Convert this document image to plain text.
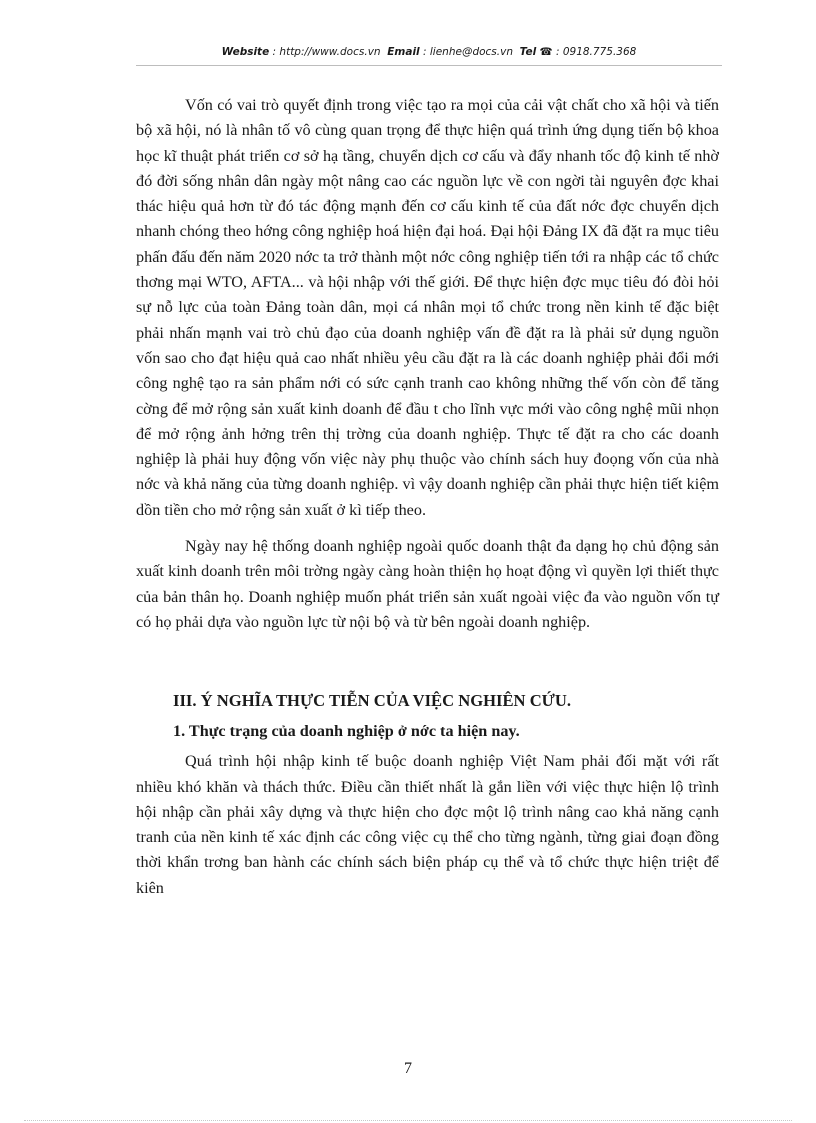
Website : http://www.docs.vn Email : lienhe@docs.vn Tel ☎ : 0918.775.368

Vốn có vai trò quyết định trong việc tạo ra mọi của cải vật chất cho xã hội và tiến bộ xã hội, nó là nhân tố vô cùng quan trọng để thực hiện quá trình ứng dụng tiến bộ khoa học kĩ thuật phát triển cơ sở hạ tầng, chuyển dịch cơ cấu và đẩy nhanh tốc độ kinh tế nhờ đó đời sống nhân dân ngày một nâng cao các nguồn lực về con ngời tài nguyên đợc khai thác hiệu quả hơn từ đó tác động mạnh đến cơ cấu kinh tế của đất nớc đợc chuyển dịch nhanh chóng theo hớng công nghiệp hoá hiện đại hoá. Đại hội Đảng IX đã đặt ra mục tiêu phấn đấu đến năm 2020 nớc ta trở thành một nớc công nghiệp tiến tới ra nhập các tổ chức thơng mại WTO, AFTA... và hội nhập với thế giới. Để thực hiện đợc mục tiêu đó đòi hỏi sự nỗ lực của toàn Đảng toàn dân, mọi cá nhân mọi tổ chức trong nền kinh tế đặc biệt phải nhấn mạnh vai trò chủ đạo của doanh nghiệp vấn đề đặt ra là phải sử dụng nguồn vốn sao cho đạt hiệu quả cao nhất nhiều yêu cầu đặt ra là các doanh nghiệp phải đổi mới công nghệ tạo ra sản phẩm nới có sức cạnh tranh cao không những thế vốn còn để tăng cờng để mở rộng sản xuất kinh doanh để đầu t cho lĩnh vực mới vào công nghệ mũi nhọn để mở rộng ảnh hởng trên thị trờng của doanh nghiệp. Thực tế đặt ra cho các doanh nghiệp là phải huy động vốn việc này phụ thuộc vào chính sách huy đoọng vốn của nhà nớc và khả năng của từng doanh nghiệp. vì vậy doanh nghiệp cần phải thực hiện tiết kiệm dồn tiền cho mở rộng sản xuất ở kì tiếp theo.

Ngày nay hệ thống doanh nghiệp ngoài quốc doanh thật đa dạng họ chủ động sản xuất kinh doanh trên môi trờng ngày càng hoàn thiện họ hoạt động vì quyền lợi thiết thực của bản thân họ. Doanh nghiệp muốn phát triển sản xuất ngoài việc đa vào nguồn vốn tự có họ phải dựa vào nguồn lực từ nội bộ và từ bên ngoài doanh nghiệp.

III. Ý NGHĨA THỰC TIỄN CỦA VIỆC NGHIÊN CỨU.
1. Thực trạng của doanh nghiệp ở nớc ta hiện nay.

Quá trình hội nhập kinh tế buộc doanh nghiệp Việt Nam phải đối mặt với rất nhiều khó khăn và thách thức. Điều cần thiết nhất là gắn liền với việc thực hiện lộ trình hội nhập cần phải xây dựng và thực hiện cho đợc một lộ trình nâng cao khả năng cạnh tranh của nền kinh tế xác định các công việc cụ thể cho từng ngành, từng giai đoạn đồng thời khẩn trơng ban hành các chính sách biện pháp cụ thể và tổ chức thực hiện triệt để kiên

7
